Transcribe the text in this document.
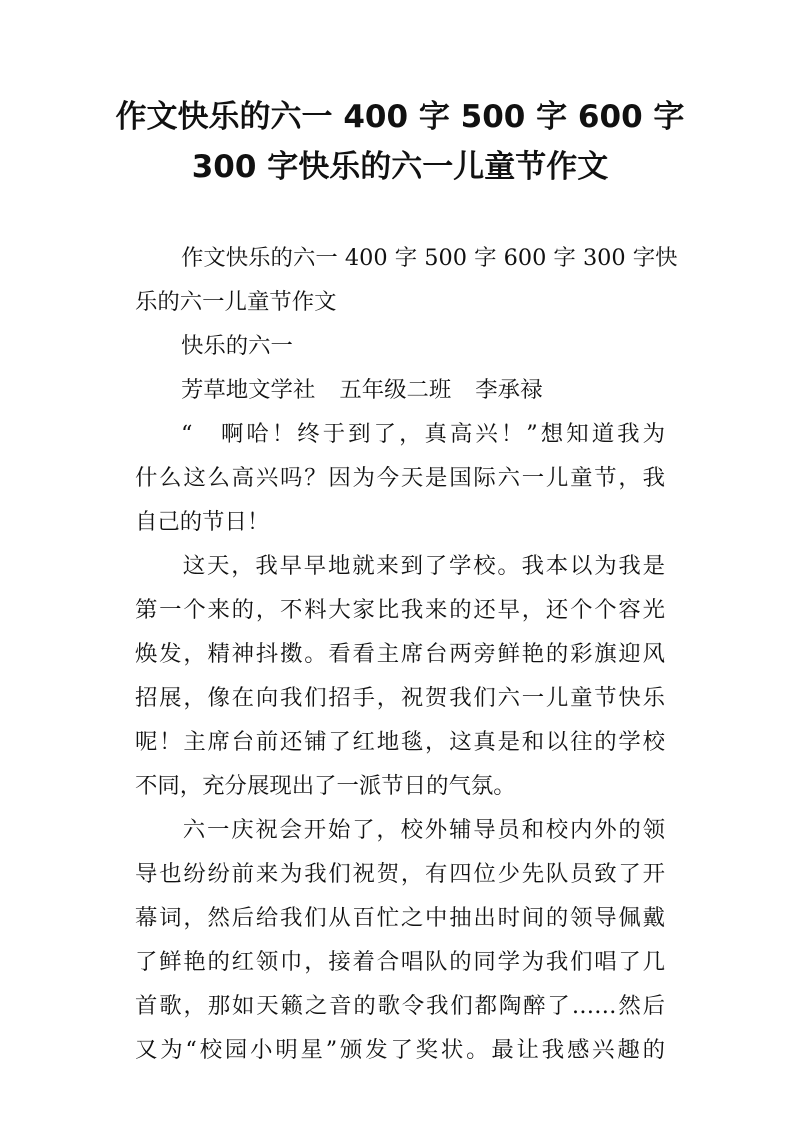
作文快乐的六一 400 字 500 字 600 字
300 字快乐的六一儿童节作文
作文快乐的六一 400 字 500 字 600 字 300 字快
乐的六一儿童节作文
快乐的六一
芳草地文学社 五年级二班 李承禄
“　啊哈！终于到了，真高兴！”想知道我为
什么这么高兴吗？因为今天是国际六一儿童节，我
自己的节日！
这天，我早早地就来到了学校。我本以为我是
第一个来的，不料大家比我来的还早，还个个容光
焕发，精神抖擞。看看主席台两旁鲜艳的彩旗迎风
招展，像在向我们招手，祝贺我们六一儿童节快乐
呢！主席台前还铺了红地毯，这真是和以往的学校
不同，充分展现出了一派节日的气氛。
六一庆祝会开始了，校外辅导员和校内外的领
导也纷纷前来为我们祝贺，有四位少先队员致了开
幕词，然后给我们从百忙之中抽出时间的领导佩戴
了鲜艳的红领巾，接着合唱队的同学为我们唱了几
首歌，那如天籁之音的歌令我们都陶醉了……然后
又为“校园小明星”颁发了奖状。最让我感兴趣的
